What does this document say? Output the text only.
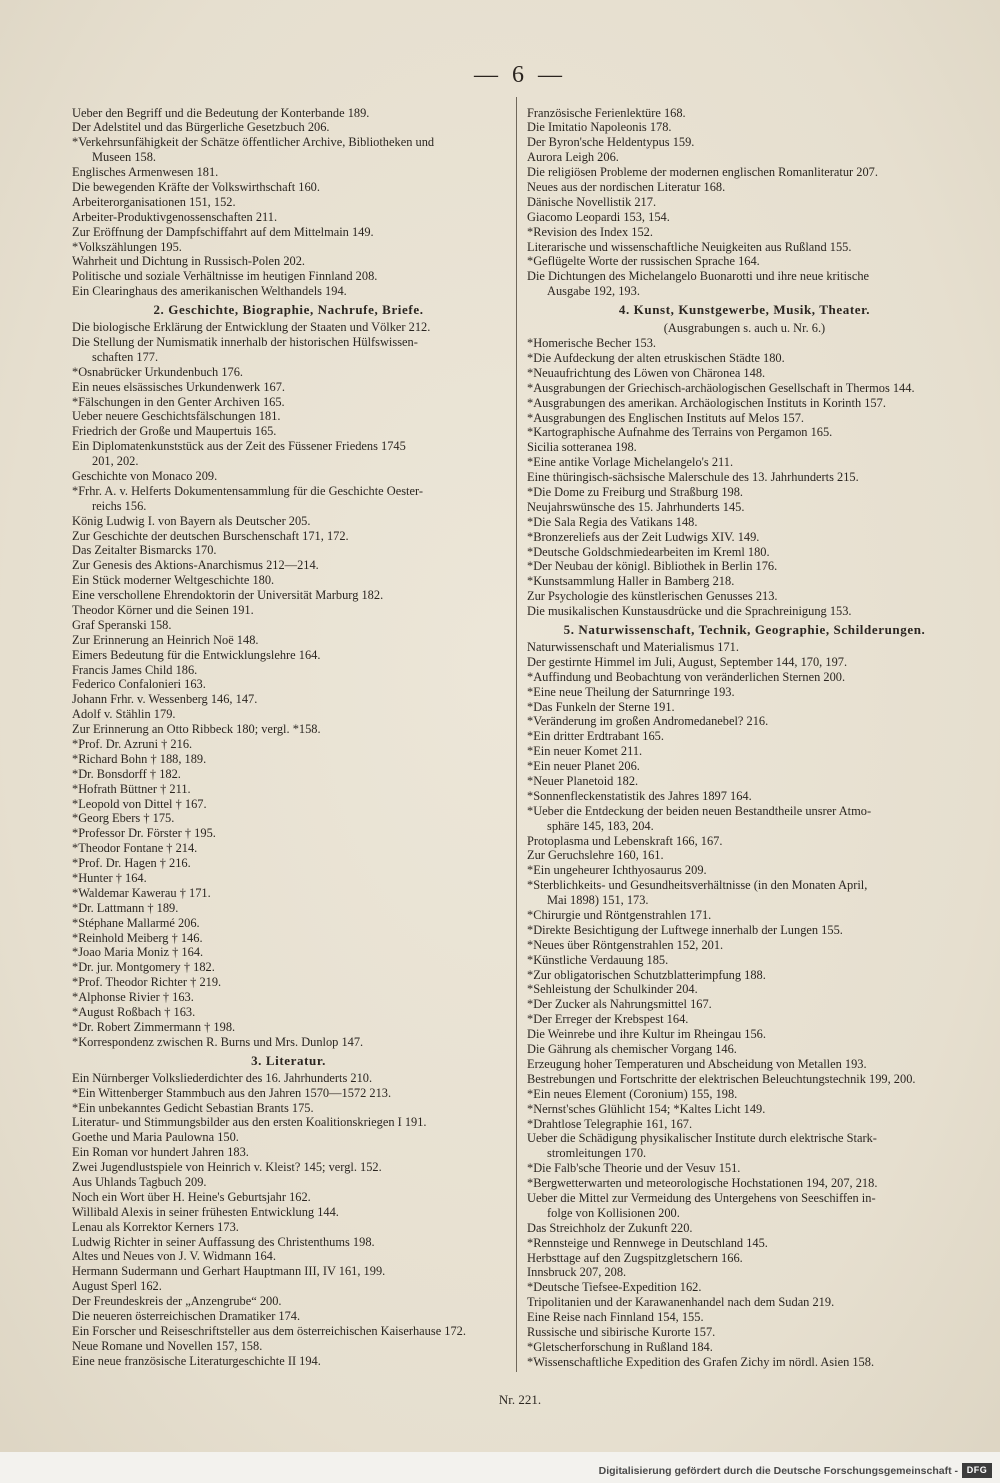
— 6 —
Ueber den Begriff und die Bedeutung der Konterbande 189.
Der Adelstitel und das Bürgerliche Gesetzbuch 206.
*Verkehrsunfähigkeit der Schätze öffentlicher Archive, Bibliotheken und
Museen 158.
Englisches Armenwesen 181.
Die bewegenden Kräfte der Volkswirthschaft 160.
Arbeiterorganisationen 151, 152.
Arbeiter-Produktivgenossenschaften 211.
Zur Eröffnung der Dampfschiffahrt auf dem Mittelmain 149.
*Volkszählungen 195.
Wahrheit und Dichtung in Russisch-Polen 202.
Politische und soziale Verhältnisse im heutigen Finnland 208.
Ein Clearinghaus des amerikanischen Welthandels 194.
2. Geschichte, Biographie, Nachrufe, Briefe.
Die biologische Erklärung der Entwicklung der Staaten und Völker 212.
Die Stellung der Numismatik innerhalb der historischen Hülfswissen-
schaften 177.
*Osnabrücker Urkundenbuch 176.
Ein neues elsässisches Urkundenwerk 167.
*Fälschungen in den Genter Archiven 165.
Ueber neuere Geschichtsfälschungen 181.
Friedrich der Große und Maupertuis 165.
Ein Diplomatenkunststück aus der Zeit des Füssener Friedens 1745
201, 202.
Geschichte von Monaco 209.
*Frhr. A. v. Helferts Dokumentensammlung für die Geschichte Oester-
reichs 156.
König Ludwig I. von Bayern als Deutscher 205.
Zur Geschichte der deutschen Burschenschaft 171, 172.
Das Zeitalter Bismarcks 170.
Zur Genesis des Aktions-Anarchismus 212—214.
Ein Stück moderner Weltgeschichte 180.
Eine verschollene Ehrendoktorin der Universität Marburg 182.
Theodor Körner und die Seinen 191.
Graf Speranski 158.
Zur Erinnerung an Heinrich Noë 148.
Eimers Bedeutung für die Entwicklungslehre 164.
Francis James Child 186.
Federico Confalonieri 163.
Johann Frhr. v. Wessenberg 146, 147.
Adolf v. Stählin 179.
Zur Erinnerung an Otto Ribbeck 180; vergl. *158.
*Prof. Dr. Azruni † 216.
*Richard Bohn † 188, 189.
*Dr. Bonsdorff † 182.
*Hofrath Büttner † 211.
*Leopold von Dittel † 167.
*Georg Ebers † 175.
*Professor Dr. Förster † 195.
*Theodor Fontane † 214.
*Prof. Dr. Hagen † 216.
*Hunter † 164.
*Waldemar Kawerau † 171.
*Dr. Lattmann † 189.
*Stéphane Mallarmé 206.
*Reinhold Meiberg † 146.
*Joao Maria Moniz † 164.
*Dr. jur. Montgomery † 182.
*Prof. Theodor Richter † 219.
*Alphonse Rivier † 163.
*August Roßbach † 163.
*Dr. Robert Zimmermann † 198.
*Korrespondenz zwischen R. Burns und Mrs. Dunlop 147.
3. Literatur.
Ein Nürnberger Volksliederdichter des 16. Jahrhunderts 210.
*Ein Wittenberger Stammbuch aus den Jahren 1570—1572 213.
*Ein unbekanntes Gedicht Sebastian Brants 175.
Literatur- und Stimmungsbilder aus den ersten Koalitionskriegen I 191.
Goethe und Maria Paulowna 150.
Ein Roman vor hundert Jahren 183.
Zwei Jugendlustspiele von Heinrich v. Kleist? 145; vergl. 152.
Aus Uhlands Tagbuch 209.
Noch ein Wort über H. Heine's Geburtsjahr 162.
Willibald Alexis in seiner frühesten Entwicklung 144.
Lenau als Korrektor Kerners 173.
Ludwig Richter in seiner Auffassung des Christenthums 198.
Altes und Neues von J. V. Widmann 164.
Hermann Sudermann und Gerhart Hauptmann III, IV 161, 199.
August Sperl 162.
Der Freundeskreis der „Anzengrube“ 200.
Die neueren österreichischen Dramatiker 174.
Ein Forscher und Reiseschriftsteller aus dem österreichischen Kaiserhause 172.
Neue Romane und Novellen 157, 158.
Eine neue französische Literaturgeschichte II 194.
Französische Ferienlektüre 168.
Die Imitatio Napoleonis 178.
Der Byron'sche Heldentypus 159.
Aurora Leigh 206.
Die religiösen Probleme der modernen englischen Romanliteratur 207.
Neues aus der nordischen Literatur 168.
Dänische Novellistik 217.
Giacomo Leopardi 153, 154.
*Revision des Index 152.
Literarische und wissenschaftliche Neuigkeiten aus Rußland 155.
*Geflügelte Worte der russischen Sprache 164.
Die Dichtungen des Michelangelo Buonarotti und ihre neue kritische
Ausgabe 192, 193.
4. Kunst, Kunstgewerbe, Musik, Theater.
(Ausgrabungen s. auch u. Nr. 6.)
*Homerische Becher 153.
*Die Aufdeckung der alten etruskischen Städte 180.
*Neuaufrichtung des Löwen von Chäronea 148.
*Ausgrabungen der Griechisch-archäologischen Gesellschaft in Thermos 144.
*Ausgrabungen des amerikan. Archäologischen Instituts in Korinth 157.
*Ausgrabungen des Englischen Instituts auf Melos 157.
*Kartographische Aufnahme des Terrains von Pergamon 165.
Sicilia sotteranea 198.
*Eine antike Vorlage Michelangelo's 211.
Eine thüringisch-sächsische Malerschule des 13. Jahrhunderts 215.
*Die Dome zu Freiburg und Straßburg 198.
Neujahrswünsche des 15. Jahrhunderts 145.
*Die Sala Regia des Vatikans 148.
*Bronzereliefs aus der Zeit Ludwigs XIV. 149.
*Deutsche Goldschmiedearbeiten im Kreml 180.
*Der Neubau der königl. Bibliothek in Berlin 176.
*Kunstsammlung Haller in Bamberg 218.
Zur Psychologie des künstlerischen Genusses 213.
Die musikalischen Kunstausdrücke und die Sprachreinigung 153.
5. Naturwissenschaft, Technik, Geographie, Schilderungen.
Naturwissenschaft und Materialismus 171.
Der gestirnte Himmel im Juli, August, September 144, 170, 197.
*Auffindung und Beobachtung von veränderlichen Sternen 200.
*Eine neue Theilung der Saturnringe 193.
*Das Funkeln der Sterne 191.
*Veränderung im großen Andromedanebel? 216.
*Ein dritter Erdtrabant 165.
*Ein neuer Komet 211.
*Ein neuer Planet 206.
*Neuer Planetoid 182.
*Sonnenfleckenstatistik des Jahres 1897 164.
*Ueber die Entdeckung der beiden neuen Bestandtheile unsrer Atmo-
sphäre 145, 183, 204.
Protoplasma und Lebenskraft 166, 167.
Zur Geruchslehre 160, 161.
*Ein ungeheurer Ichthyosaurus 209.
*Sterblichkeits- und Gesundheitsverhältnisse (in den Monaten April,
Mai 1898) 151, 173.
*Chirurgie und Röntgenstrahlen 171.
*Direkte Besichtigung der Luftwege innerhalb der Lungen 155.
*Neues über Röntgenstrahlen 152, 201.
*Künstliche Verdauung 185.
*Zur obligatorischen Schutzblatterimpfung 188.
*Sehleistung der Schulkinder 204.
*Der Zucker als Nahrungsmittel 167.
*Der Erreger der Krebspest 164.
Die Weinrebe und ihre Kultur im Rheingau 156.
Die Gährung als chemischer Vorgang 146.
Erzeugung hoher Temperaturen und Abscheidung von Metallen 193.
Bestrebungen und Fortschritte der elektrischen Beleuchtungstechnik 199, 200.
*Ein neues Element (Coronium) 155, 198.
*Nernst'sches Glühlicht 154; *Kaltes Licht 149.
*Drahtlose Telegraphie 161, 167.
Ueber die Schädigung physikalischer Institute durch elektrische Stark-
stromleitungen 170.
*Die Falb'sche Theorie und der Vesuv 151.
*Bergwetterwarten und meteorologische Hochstationen 194, 207, 218.
Ueber die Mittel zur Vermeidung des Untergehens von Seeschiffen in-
folge von Kollisionen 200.
Das Streichholz der Zukunft 220.
*Rennsteige und Rennwege in Deutschland 145.
Herbsttage auf den Zugspitzgletschern 166.
Innsbruck 207, 208.
*Deutsche Tiefsee-Expedition 162.
Tripolitanien und der Karawanenhandel nach dem Sudan 219.
Eine Reise nach Finnland 154, 155.
Russische und sibirische Kurorte 157.
*Gletscherforschung in Rußland 184.
*Wissenschaftliche Expedition des Grafen Zichy im nördl. Asien 158.
Nr. 221.
Digitalisierung gefördert durch die Deutsche Forschungsgemeinschaft - DFG
